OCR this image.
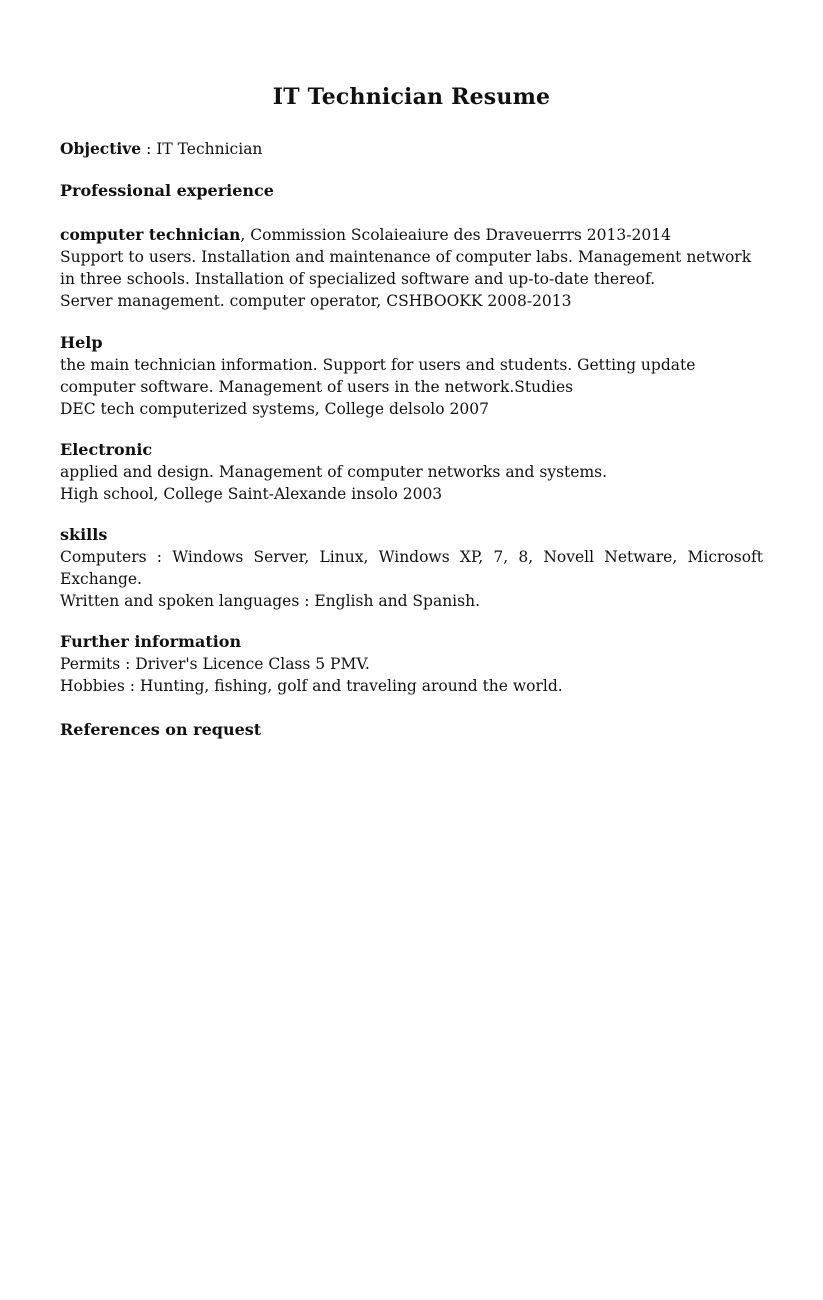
IT Technician Resume
Objective : IT Technician

Professional experience

computer technician, Commission Scolaieaiure des Draveuerrrs 2013-2014

Support to users. Installation and maintenance of computer labs. Management network in three schools. Installation of specialized software and up-to-date thereof.

Server management. computer operator, CSHBOOKK 2008-2013

Help

the main technician information. Support for users and students. Getting update computer software. Management of users in the network.Studies

DEC tech computerized systems, College delsolo 2007

Electronic

applied and design. Management of computer networks and systems.

High school, College Saint-Alexande insolo 2003

skills

Computers : Windows Server, Linux, Windows XP, 7, 8, Novell Netware, Microsoft Exchange.

Written and spoken languages : English and Spanish.

Further information

Permits : Driver's Licence Class 5 PMV.

Hobbies : Hunting, fishing, golf and traveling around the world.

References on request
